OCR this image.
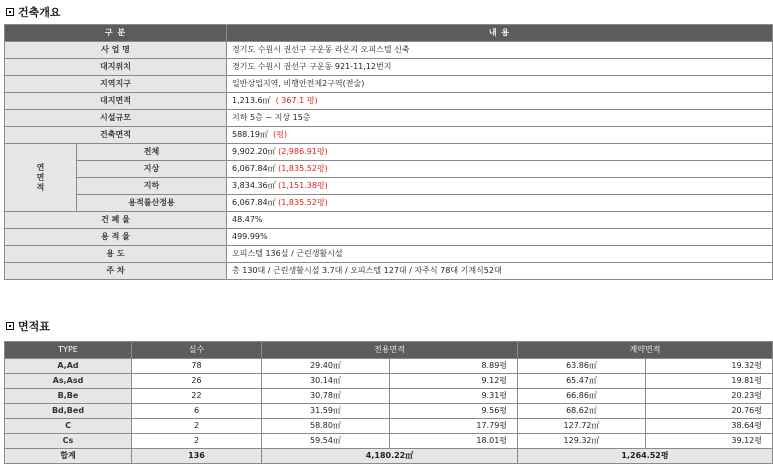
건축개요
구 분		내 용
사 업 명		경기도 수원시 권선구 구운동 라온지 오피스텔 신축
대지위치		경기도 수원시 권선구 구운동 921-11,12번지
지역지구		일반상업지역, 비행안전제2구역(전술)
대지면적		1,213.6㎡ ( 367.1 평)
시설규모		지하 5층 ~ 지상 15층
건축면적		588.19㎡ (평)
연
면
적	전체	9,902.20㎡ (2,986.91평)
	지상	6,067.84㎡ (1,835.52평)
	지하	3,834.36㎡ (1,151.38평)
	용적률산정용	6,067.84㎡ (1,835.52평)
건 폐 율		48.47%
용 적 율		499.99%
용 도		오피스텔 136실 / 근린생활시설
주 차		총 130대 / 근린생활시설 3.7대 / 오피스텔 127대 / 자주식 78대 기계식52대
면적표
TYPE	실수	전용면적		계약면적	
A,Ad	78	29.40㎡	8.89평	63.86㎡	19.32평
As,Asd	26	30.14㎡	9.12평	65.47㎡	19.81평
B,Be	22	30.78㎡	9.31평	66.86㎡	20.23평
Bd,Bed	6	31.59㎡	9.56평	68.62㎡	20.76평
C	2	58.80㎡	17.79평	127.72㎡	38.64평
Cs	2	59.54㎡	18.01평	129.32㎡	39.12평
합계	136	4,180.22㎡		1,264.52평	
